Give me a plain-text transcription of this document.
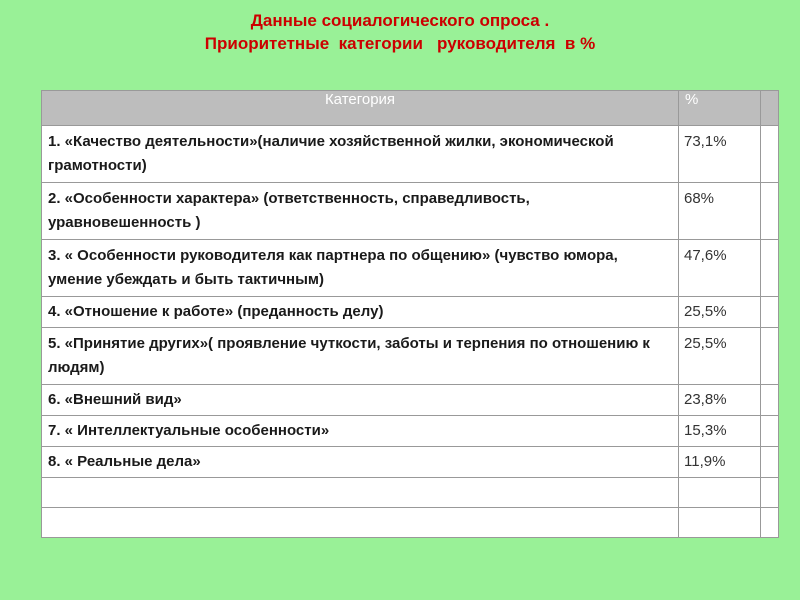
Данные социалогического опроса .
Приоритетные  категории   руководителя  в %
Категория	%	
1. «Качество деятельности»(наличие хозяйственной жилки, экономической грамотности)	73,1%	
2. «Особенности характера» (ответственность, справедливость, уравновешенность )	68%	
3. « Особенности руководителя как партнера по общению» (чувство юмора, умение убеждать и быть тактичным)	47,6%	
4. «Отношение к работе» (преданность делу)	25,5%	
5. «Принятие других»( проявление чуткости, заботы и терпения по отношению к людям)	25,5%	
6. «Внешний вид»	23,8%	
7. « Интеллектуальные особенности»	15,3%	
8. « Реальные дела»	11,9%	
